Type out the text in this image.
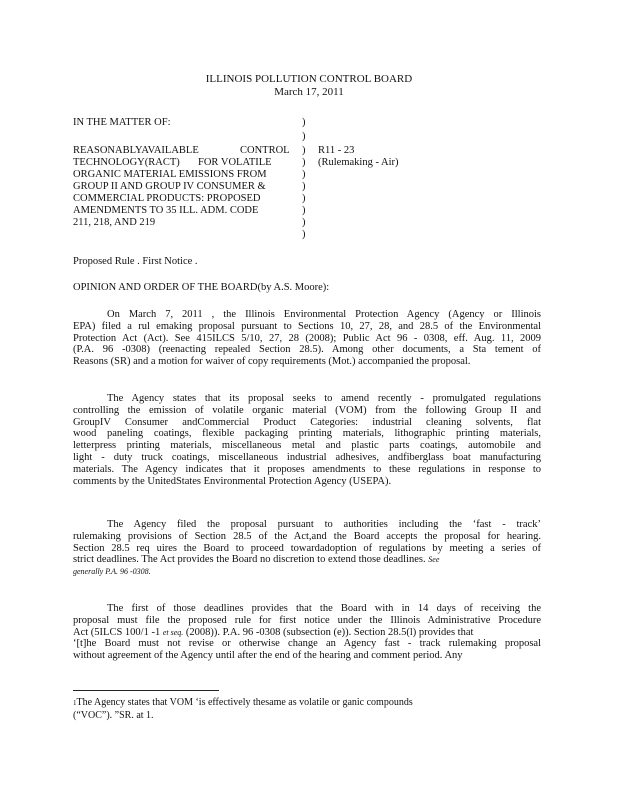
ILLINOIS POLLUTION CONTROL BOARD
March 17, 2011
IN THE MATTER OF:
REASONABLYAVAILABLE	CONTROL
TECHNOLOGY(RACT) FOR VOLATILE
ORGANIC MATERIAL EMISSIONS FROM
GROUP II AND GROUP IV CONSUMER &
COMMERCIAL PRODUCTS: PROPOSED
AMENDMENTS TO 35 ILL. ADM. CODE
211, 218, AND 219
)
)
)
)
)
)
)
)
)
)
R11 - 23
(Rulemaking - Air)
Proposed Rule . First Notice .
OPINION AND ORDER OF THE BOARD(by A.S. Moore):
On March 7, 2011 , the Illinois Environmental Protection Agency (Agency or Illinois
EPA) filed a rul emaking proposal pursuant to Sections 10, 27, 28, and 28.5 of the Environmental
Protection Act (Act). See 415ILCS 5/10, 27, 28 (2008); Public Act 96 - 0308, eff. Aug. 11, 2009
(P.A. 96 -0308) (reenacting repealed Section 28.5). Among other documents, a Sta tement of
Reasons (SR) and a motion for waiver of copy requirements (Mot.) accompanied the proposal.
The Agency states that its proposal seeks to amend recently - promulgated regulations
controlling the emission of volatile organic material (VOM) from the following Group II and
GroupIV Consumer andCommercial Product Categories: industrial cleaning solvents, flat
wood paneling coatings, flexible packaging printing materials, lithographic printing materials,
letterpress printing materials, miscellaneous metal and plastic parts coatings, automobile and
light - duty truck coatings, miscellaneous industrial adhesives, andfiberglass boat manufacturing
materials. The Agency indicates that it proposes amendments to these regulations in response to
comments by the UnitedStates Environmental Protection Agency (USEPA).
The Agency filed the proposal pursuant to authorities including the ‘fast - track’
rulemaking provisions of Section 28.5 of the Act,and the Board accepts the proposal for hearing.
Section 28.5 req uires the Board to proceed towardadoption of regulations by meeting a series of
strict deadlines. The Act provides the Board no discretion to extend those deadlines. See
generally P.A. 96 -0308.
The first of those deadlines provides that the Board with in 14 days of receiving the
proposal must file the proposed rule for first notice under the Illinois Administrative Procedure
Act (5ILCS 100/1 -1 et seq. (2008)). P.A. 96 -0308 (subsection (e)). Section 28.5(l) provides that
‘[t]he Board must not revise or otherwise change an Agency fast - track rulemaking proposal
without agreement of the Agency until after the end of the hearing and comment period. Any
$^1$The Agency states that VOM ‘is effectively thesame as volatile or ganic compounds
(“VOC”). ”SR. at 1.
